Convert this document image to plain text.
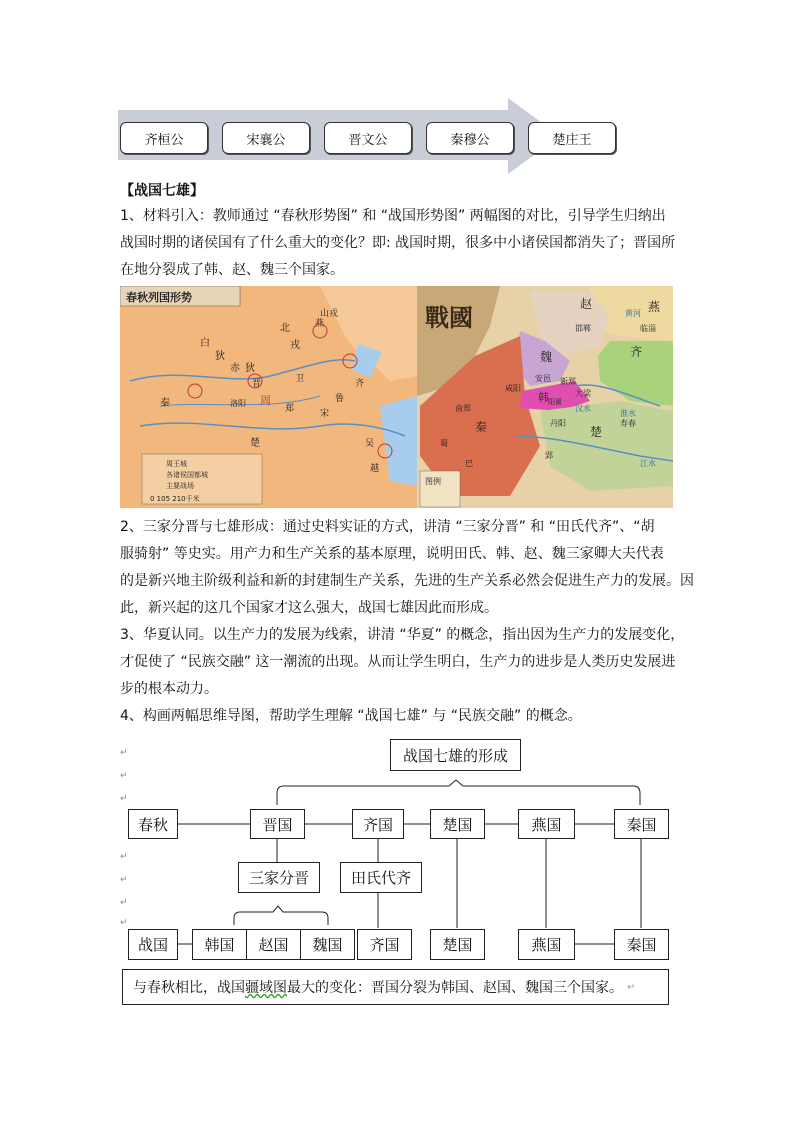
齐桓公	宋襄公	晋文公	秦穆公	楚庄王
【战国七雄】
1、材料引入：教师通过 “春秋形势图” 和 “战国形势图” 两幅图的对比，引导学生归纳出
战国时期的诸侯国有了什么重大的变化？即: 战国时期，很多中小诸侯国都消失了；晋国所
在地分裂成了韩、赵、魏三个国家。
春秋列国形势
山戎
北
戎
白
狄
赤 狄
晋
洛阳 周
秦
燕
齐
鲁
宋
卫
郑
楚	吴
越
周王城
各诸侯国都城
主要战场
0 105 210千米
戰國	燕
赵
齐
魏
韩
秦	楚
邯郸	临淄
大梁
安邑
咸阳
新郑
阳翟
丹阳	寿春
郢
巴
蜀
南郑
黄河
汉水
淮水
江水
图例
2、三家分晋与七雄形成：通过史料实证的方式，讲清 “三家分晋” 和 “田氏代齐”、“胡
服骑射” 等史实。用产力和生产关系的基本原理，说明田氏、韩、赵、魏三家卿大夫代表
的是新兴地主阶级利益和新的封建制生产关系，先进的生产关系必然会促进生产力的发展。因
此，新兴起的这几个国家才这么强大，战国七雄因此而形成。
3、华夏认同。以生产力的发展为线索，讲清 “华夏” 的概念，指出因为生产力的发展变化，
才促使了 “民族交融” 这一潮流的出现。从而让学生明白，生产力的进步是人类历史发展进
步的根本动力。
4、构画两幅思维导图，帮助学生理解 “战国七雄” 与 “民族交融” 的概念。
↵
↵
↵
↵
↵
↵
↵
战国七雄的形成
春秋	晋国	齐国	楚国	燕国	秦国
三家分晋	田氏代齐
战国 韩国 赵国 魏国 齐国	楚国	燕国	秦国
与春秋相比，战国 疆域图 最大的变化：晋国分裂为韩国、赵国、魏国三个国家。 ↵
